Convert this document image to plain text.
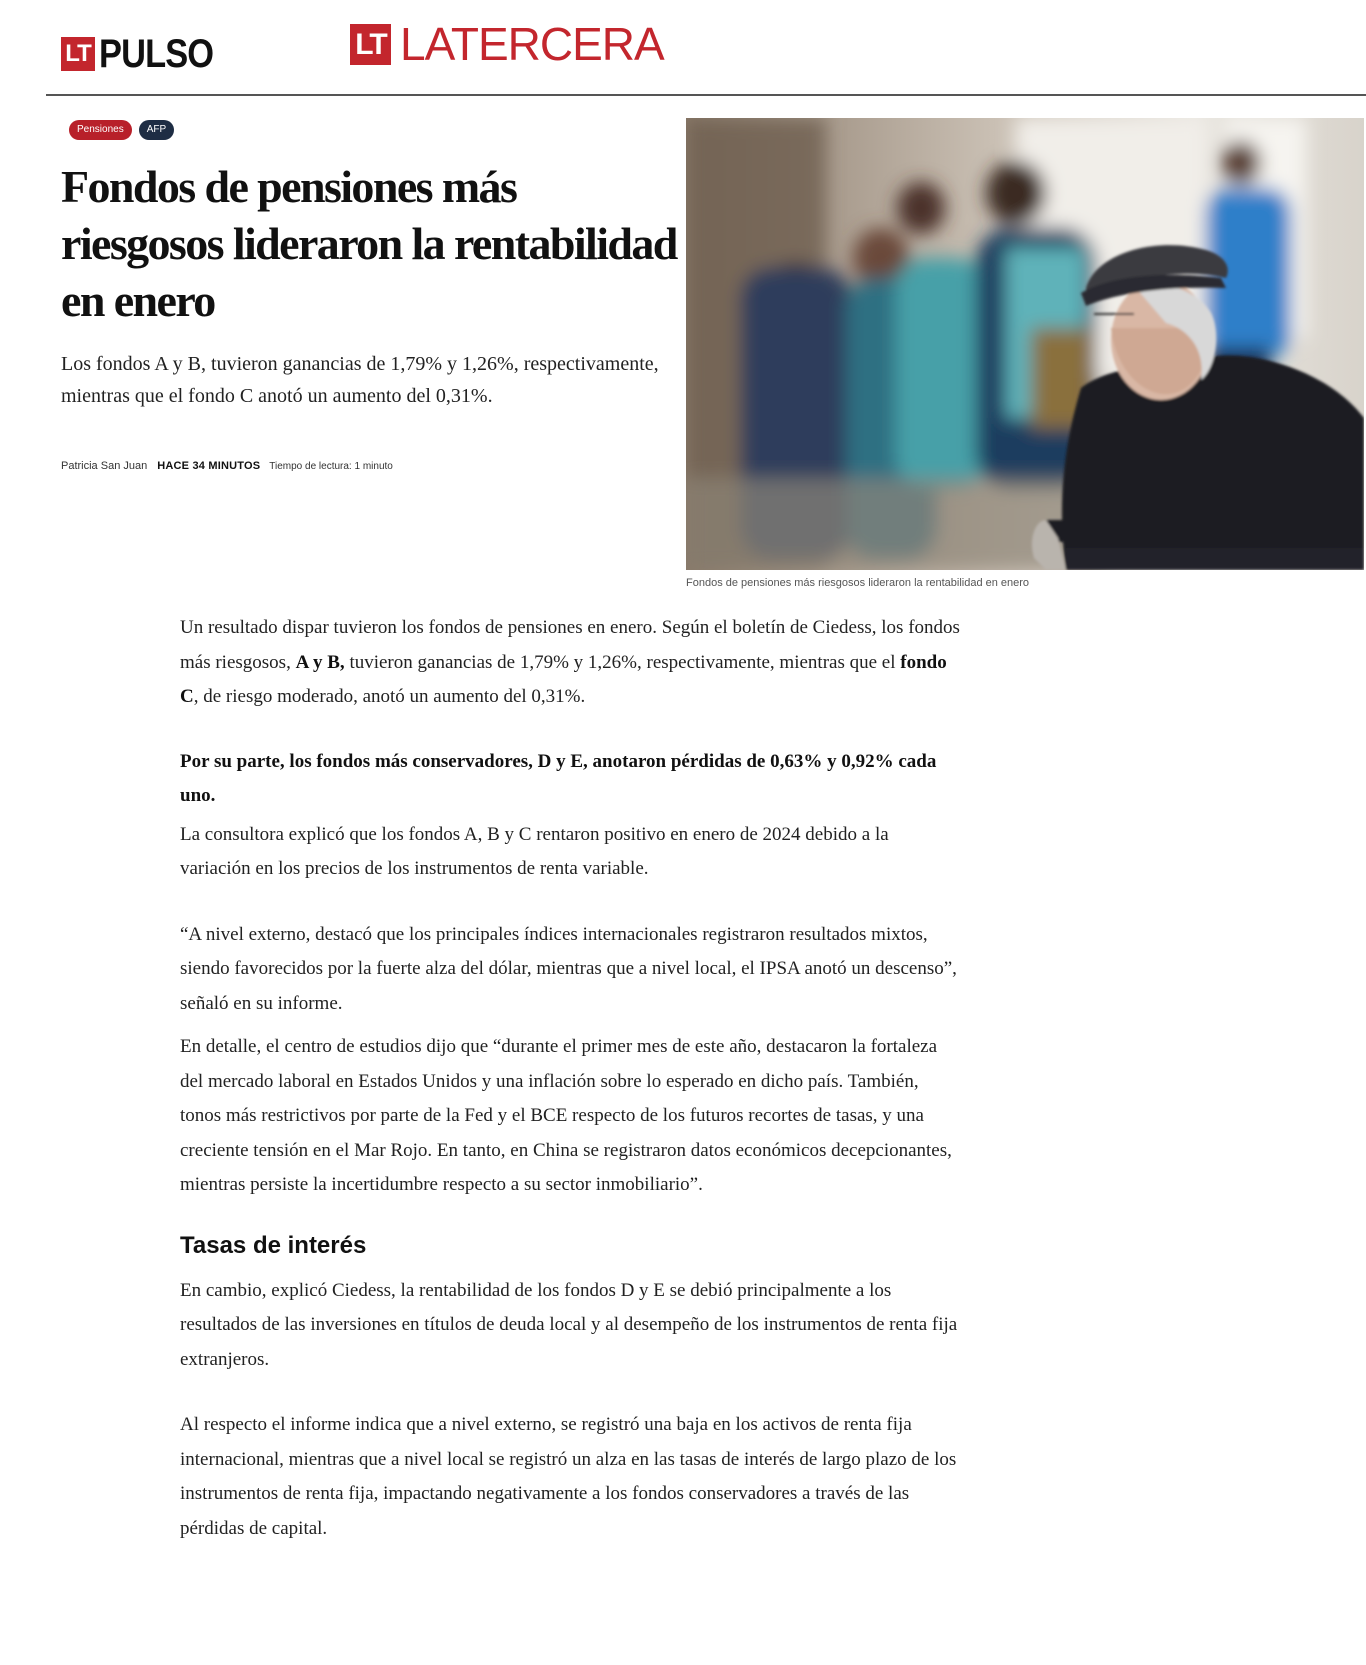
LT PULSO	LT LATERCERA
Pensiones	AFP
Fondos de pensiones más riesgosos lideraron la rentabilidad en enero

Los fondos A y B, tuvieron ganancias de 1,79% y 1,26%, respectivamente, mientras que el fondo C anotó un aumento del 0,31%.

Patricia San Juan HACE 34 MINUTOS Tiempo de lectura: 1 minuto
Fondos de pensiones más riesgosos lideraron la rentabilidad en enero

Un resultado dispar tuvieron los fondos de pensiones en enero. Según el boletín de Ciedess, los fondos más riesgosos, A y B, tuvieron ganancias de 1,79% y 1,26%, respectivamente, mientras que el fondo C, de riesgo moderado, anotó un aumento del 0,31%.

Por su parte, los fondos más conservadores, D y E, anotaron pérdidas de 0,63% y 0,92% cada uno.

La consultora explicó que los fondos A, B y C rentaron positivo en enero de 2024 debido a la variación en los precios de los instrumentos de renta variable.

“A nivel externo, destacó que los principales índices internacionales registraron resultados mixtos, siendo favorecidos por la fuerte alza del dólar, mientras que a nivel local, el IPSA anotó un descenso”, señaló en su informe.

En detalle, el centro de estudios dijo que “durante el primer mes de este año, destacaron la fortaleza del mercado laboral en Estados Unidos y una inflación sobre lo esperado en dicho país. También, tonos más restrictivos por parte de la Fed y el BCE respecto de los futuros recortes de tasas, y una creciente tensión en el Mar Rojo. En tanto, en China se registraron datos económicos decepcionantes, mientras persiste la incertidumbre respecto a su sector inmobiliario”.

Tasas de interés

En cambio, explicó Ciedess, la rentabilidad de los fondos D y E se debió principalmente a los resultados de las inversiones en títulos de deuda local y al desempeño de los instrumentos de renta fija extranjeros.

Al respecto el informe indica que a nivel externo, se registró una baja en los activos de renta fija internacional, mientras que a nivel local se registró un alza en las tasas de interés de largo plazo de los instrumentos de renta fija, impactando negativamente a los fondos conservadores a través de las pérdidas de capital.
